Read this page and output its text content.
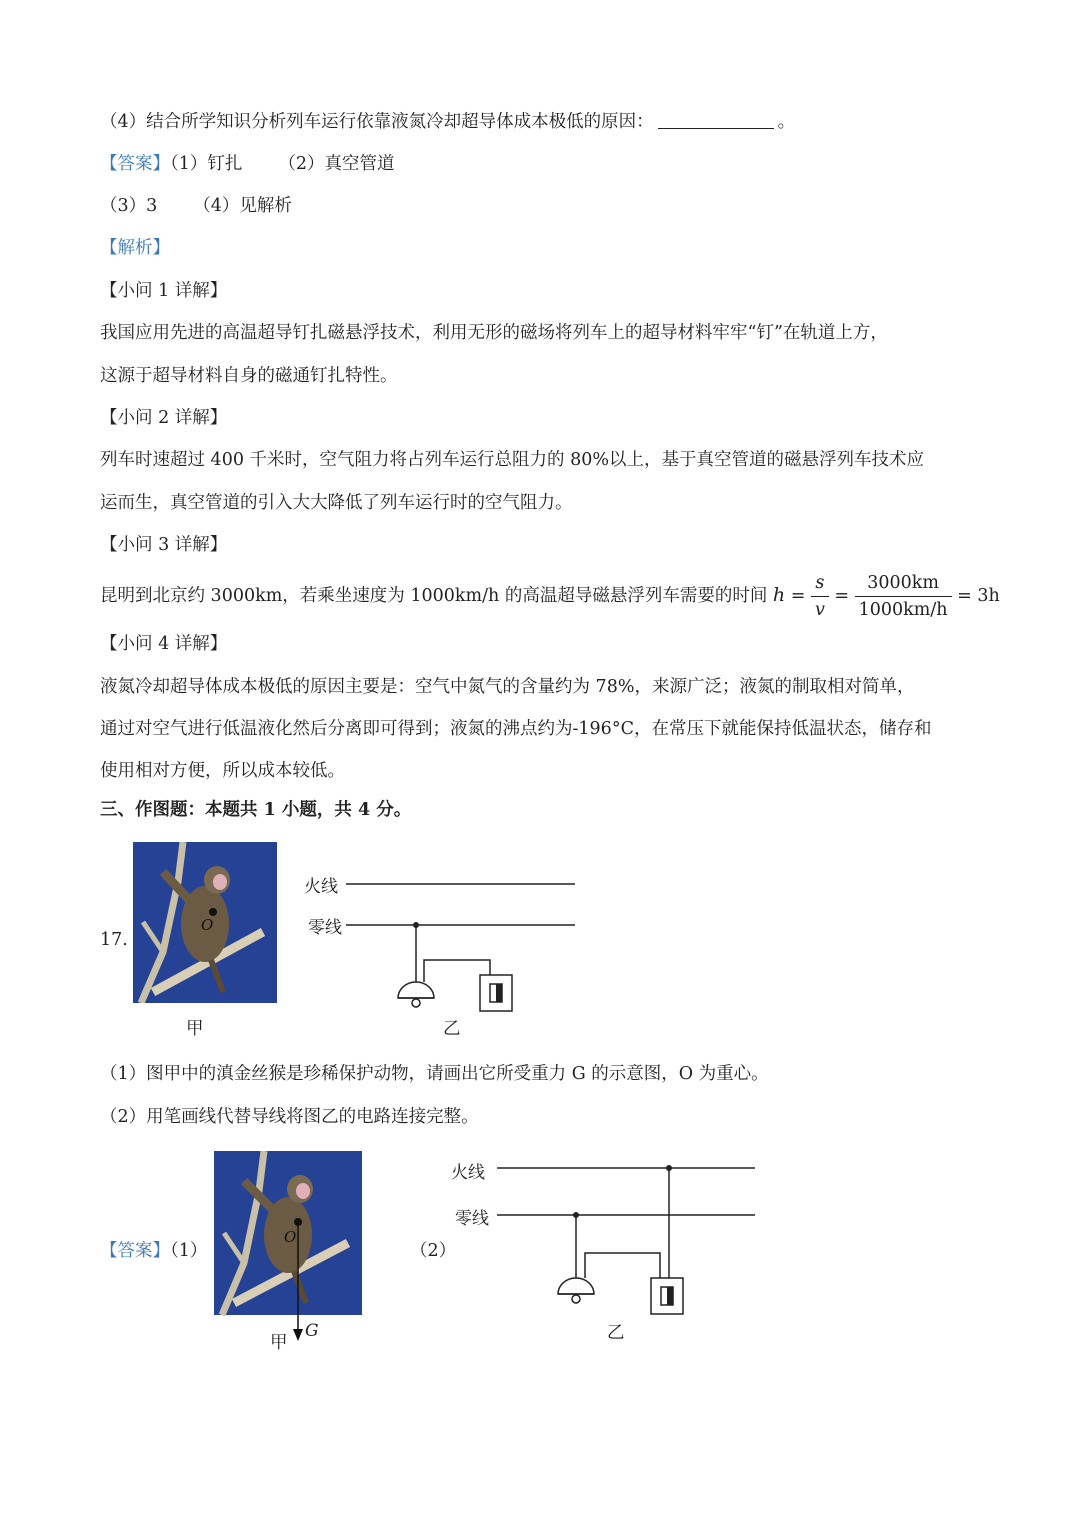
（4）结合所学知识分析列车运行依靠液氮冷却超导体成本极低的原因：	。
【答案】（1）钉扎 （2）真空管道
（3）3 （4）见解析
【解析】
【小问 1 详解】
我国应用先进的高温超导钉扎磁悬浮技术，利用无形的磁场将列车上的超导材料牢牢“钉”在轨道上方，
这源于超导材料自身的磁通钉扎特性。
【小问 2 详解】
列车时速超过 400 千米时，空气阻力将占列车运行总阻力的 80%以上，基于真空管道的磁悬浮列车技术应
运而生，真空管道的引入大大降低了列车运行时的空气阻力。
【小问 3 详解】
昆明到北京约 3000km，若乘坐速度为 1000km/h 的高温超导磁悬浮列车需要的时间 $h = \frac{s}{v} = \frac{3000km}{1000km/h} = 3h$
【小问 4 详解】
液氮冷却超导体成本极低的原因主要是：空气中氮气的含量约为 78%，来源广泛；液氮的制取相对简单，
通过对空气进行低温液化然后分离即可得到；液氮的沸点约为-196°C，在常压下就能保持低温状态，储存和
使用相对方便，所以成本较低。
三、作图题：本题共 1 小题，共 4 分。
17.
O
甲
火线
零线
乙
（1）图甲中的滇金丝猴是珍稀保护动物，请画出它所受重力 G 的示意图，O 为重心。
（2）用笔画线代替导线将图乙的电路连接完整。
【答案】（1）
O
G
甲
（2）
火线
零线
乙
